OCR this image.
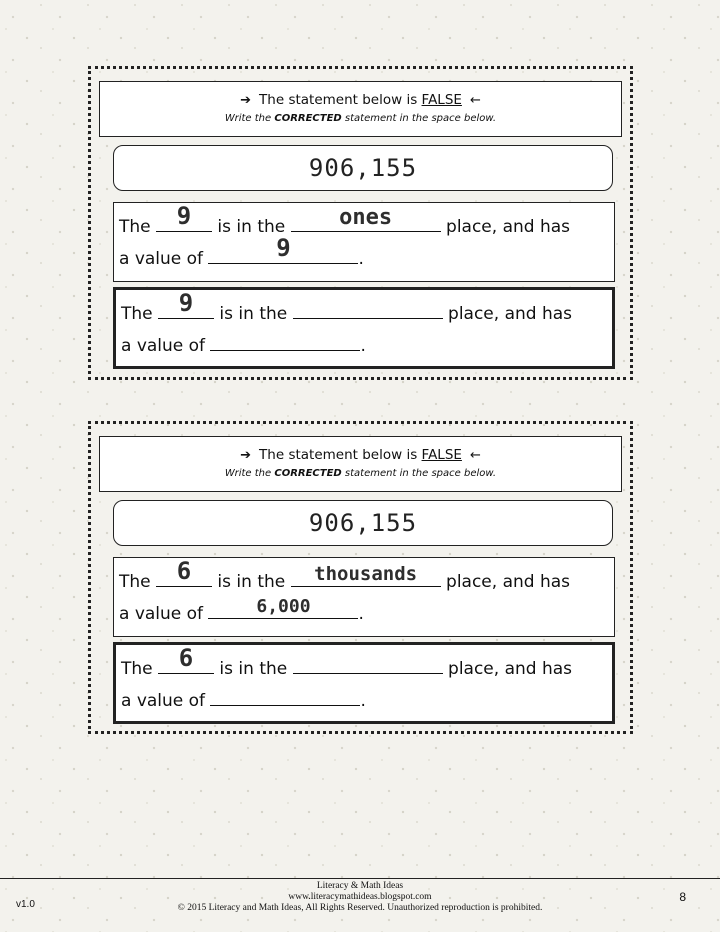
➔ The statement below is FALSE ←
Write the CORRECTED statement in the space below.
906,155
The 9	is in the	ones	place, and has
a value of	9	.
The 9	is in the	place, and has
a value of	.
➔ The statement below is FALSE ←
Write the CORRECTED statement in the space below.
906,155
The 6	is in the	thousands	place, and has
a value of	6,000	.
The 6	is in the	place, and has
a value of	.
Literacy & Math Ideas
www.literacymathideas.blogspot.com
© 2015 Literacy and Math Ideas, All Rights Reserved. Unauthorized reproduction is prohibited.
v1.0
8
